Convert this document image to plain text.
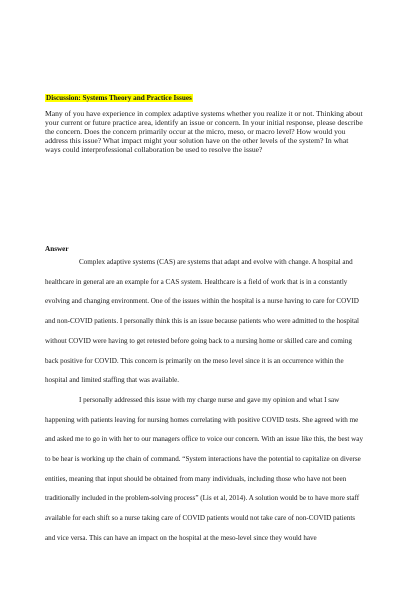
Discussion: Systems Theory and Practice Issues
Many of you have experience in complex adaptive systems whether you realize it or not. Thinking about your current or future practice area, identify an issue or concern. In your initial response, please describe the concern. Does the concern primarily occur at the micro, meso, or macro level? How would you address this issue? What impact might your solution have on the other levels of the system? In what ways could interprofessional collaboration be used to resolve the issue?
Answer

Complex adaptive systems (CAS) are systems that adapt and evolve with change. A hospital and healthcare in general are an example for a CAS system. Healthcare is a field of work that is in a constantly evolving and changing environment. One of the issues within the hospital is a nurse having to care for COVID and non-COVID patients. I personally think this is an issue because patients who were admitted to the hospital without COVID were having to get retested before going back to a nursing home or skilled care and coming back positive for COVID. This concern is primarily on the meso level since it is an occurrence within the hospital and limited staffing that was available.

I personally addressed this issue with my charge nurse and gave my opinion and what I saw happening with patients leaving for nursing homes correlating with positive COVID tests. She agreed with me and asked me to go in with her to our managers office to voice our concern. With an issue like this, the best way to be hear is working up the chain of command. “System interactions have the potential to capitalize on diverse entities, meaning that input should be obtained from many individuals, including those who have not been traditionally included in the problem-solving process” (Lis et al, 2014). A solution would be to have more staff available for each shift so a nurse taking care of COVID patients would not take care of non-COVID patients and vice versa. This can have an impact on the hospital at the meso-level since they would have
